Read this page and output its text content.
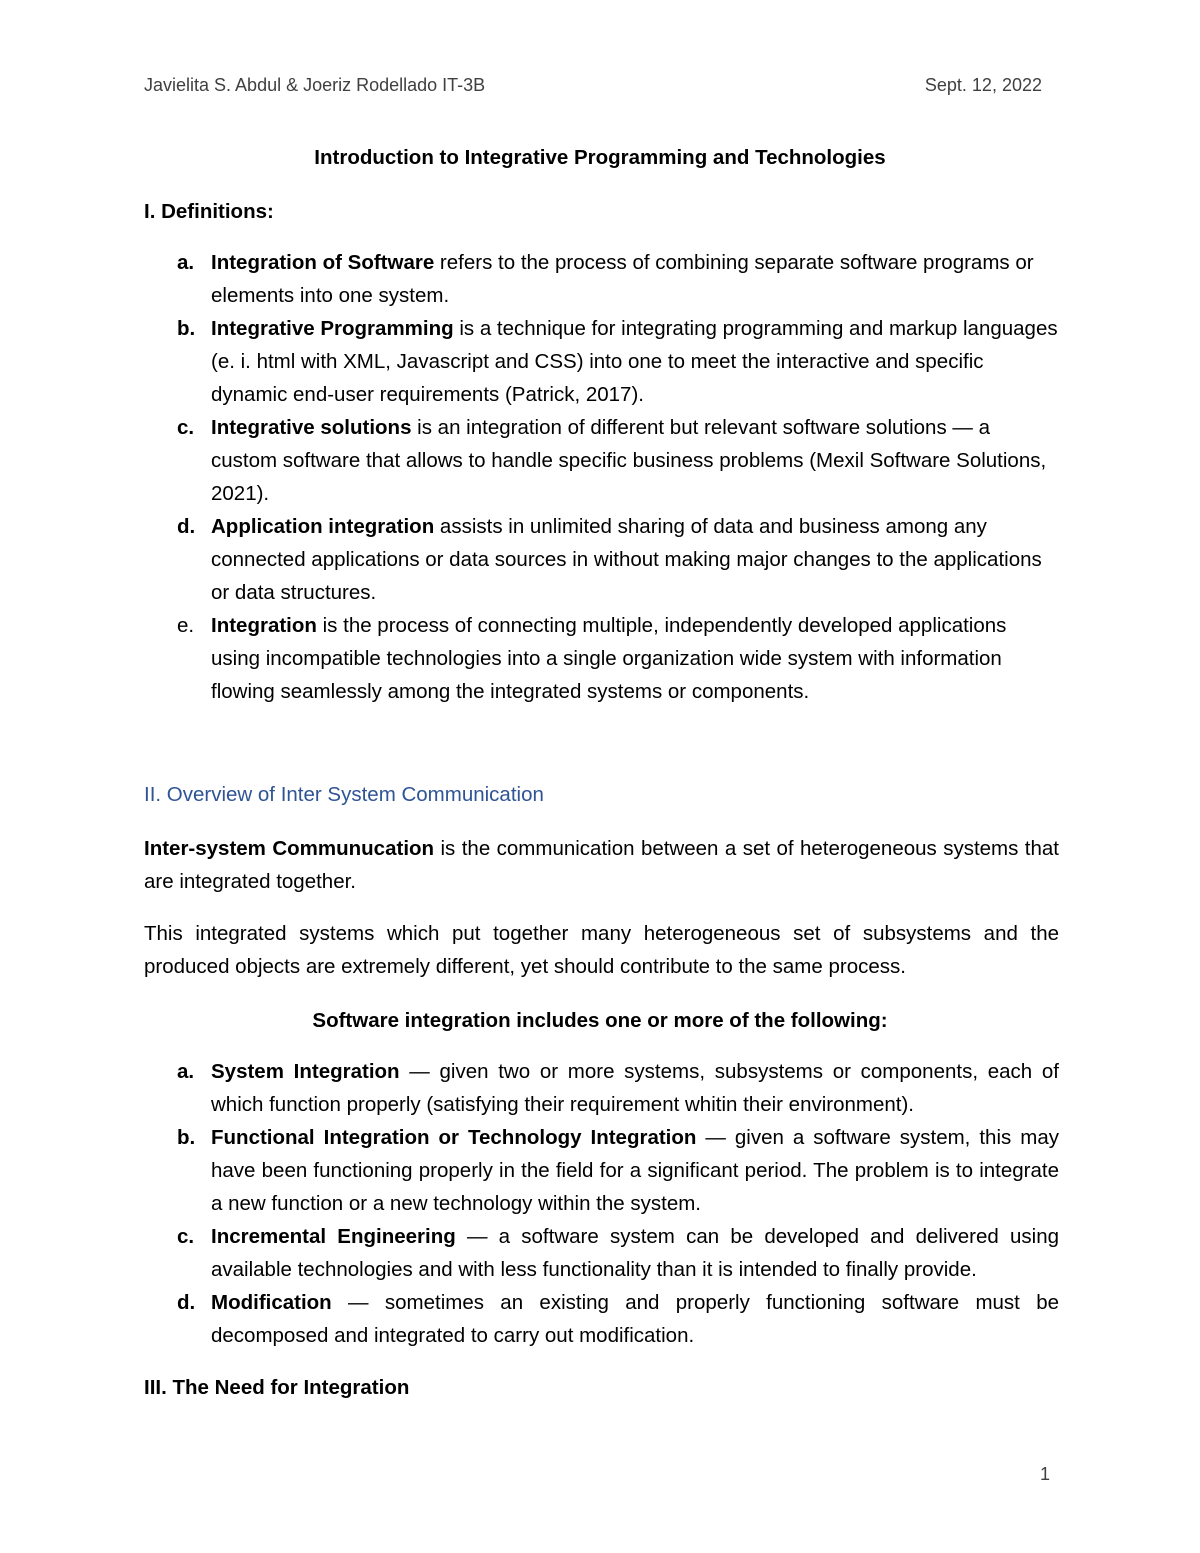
Javielita S. Abdul & Joeriz Rodellado IT-3B	Sept. 12, 2022
Introduction to Integrative Programming and Technologies
I. Definitions:
a. Integration of Software refers to the process of combining separate software programs or elements into one system.
b. Integrative Programming is a technique for integrating programming and markup languages (e. i. html with XML, Javascript and CSS) into one to meet the interactive and specific dynamic end-user requirements (Patrick, 2017).
c. Integrative solutions is an integration of different but relevant software solutions — a custom software that allows to handle specific business problems (Mexil Software Solutions, 2021).
d. Application integration assists in unlimited sharing of data and business among any connected applications or data sources in without making major changes to the applications or data structures.
e. Integration is the process of connecting multiple, independently developed applications using incompatible technologies into a single organization wide system with information flowing seamlessly among the integrated systems or components.
II. Overview of Inter System Communication

Inter-system Communucation is the communication between a set of heterogeneous systems that are integrated together.

This integrated systems which put together many heterogeneous set of subsystems and the produced objects are extremely different, yet should contribute to the same process.

Software integration includes one or more of the following:
a. System Integration — given two or more systems, subsystems or components, each of which function properly (satisfying their requirement whitin their environment).
b. Functional Integration or Technology Integration — given a software system, this may have been functioning properly in the field for a significant period. The problem is to integrate a new function or a new technology within the system.
c. Incremental Engineering — a software system can be developed and delivered using available technologies and with less functionality than it is intended to finally provide.
d. Modification — sometimes an existing and properly functioning software must be decomposed and integrated to carry out modification.
III. The Need for Integration
1
